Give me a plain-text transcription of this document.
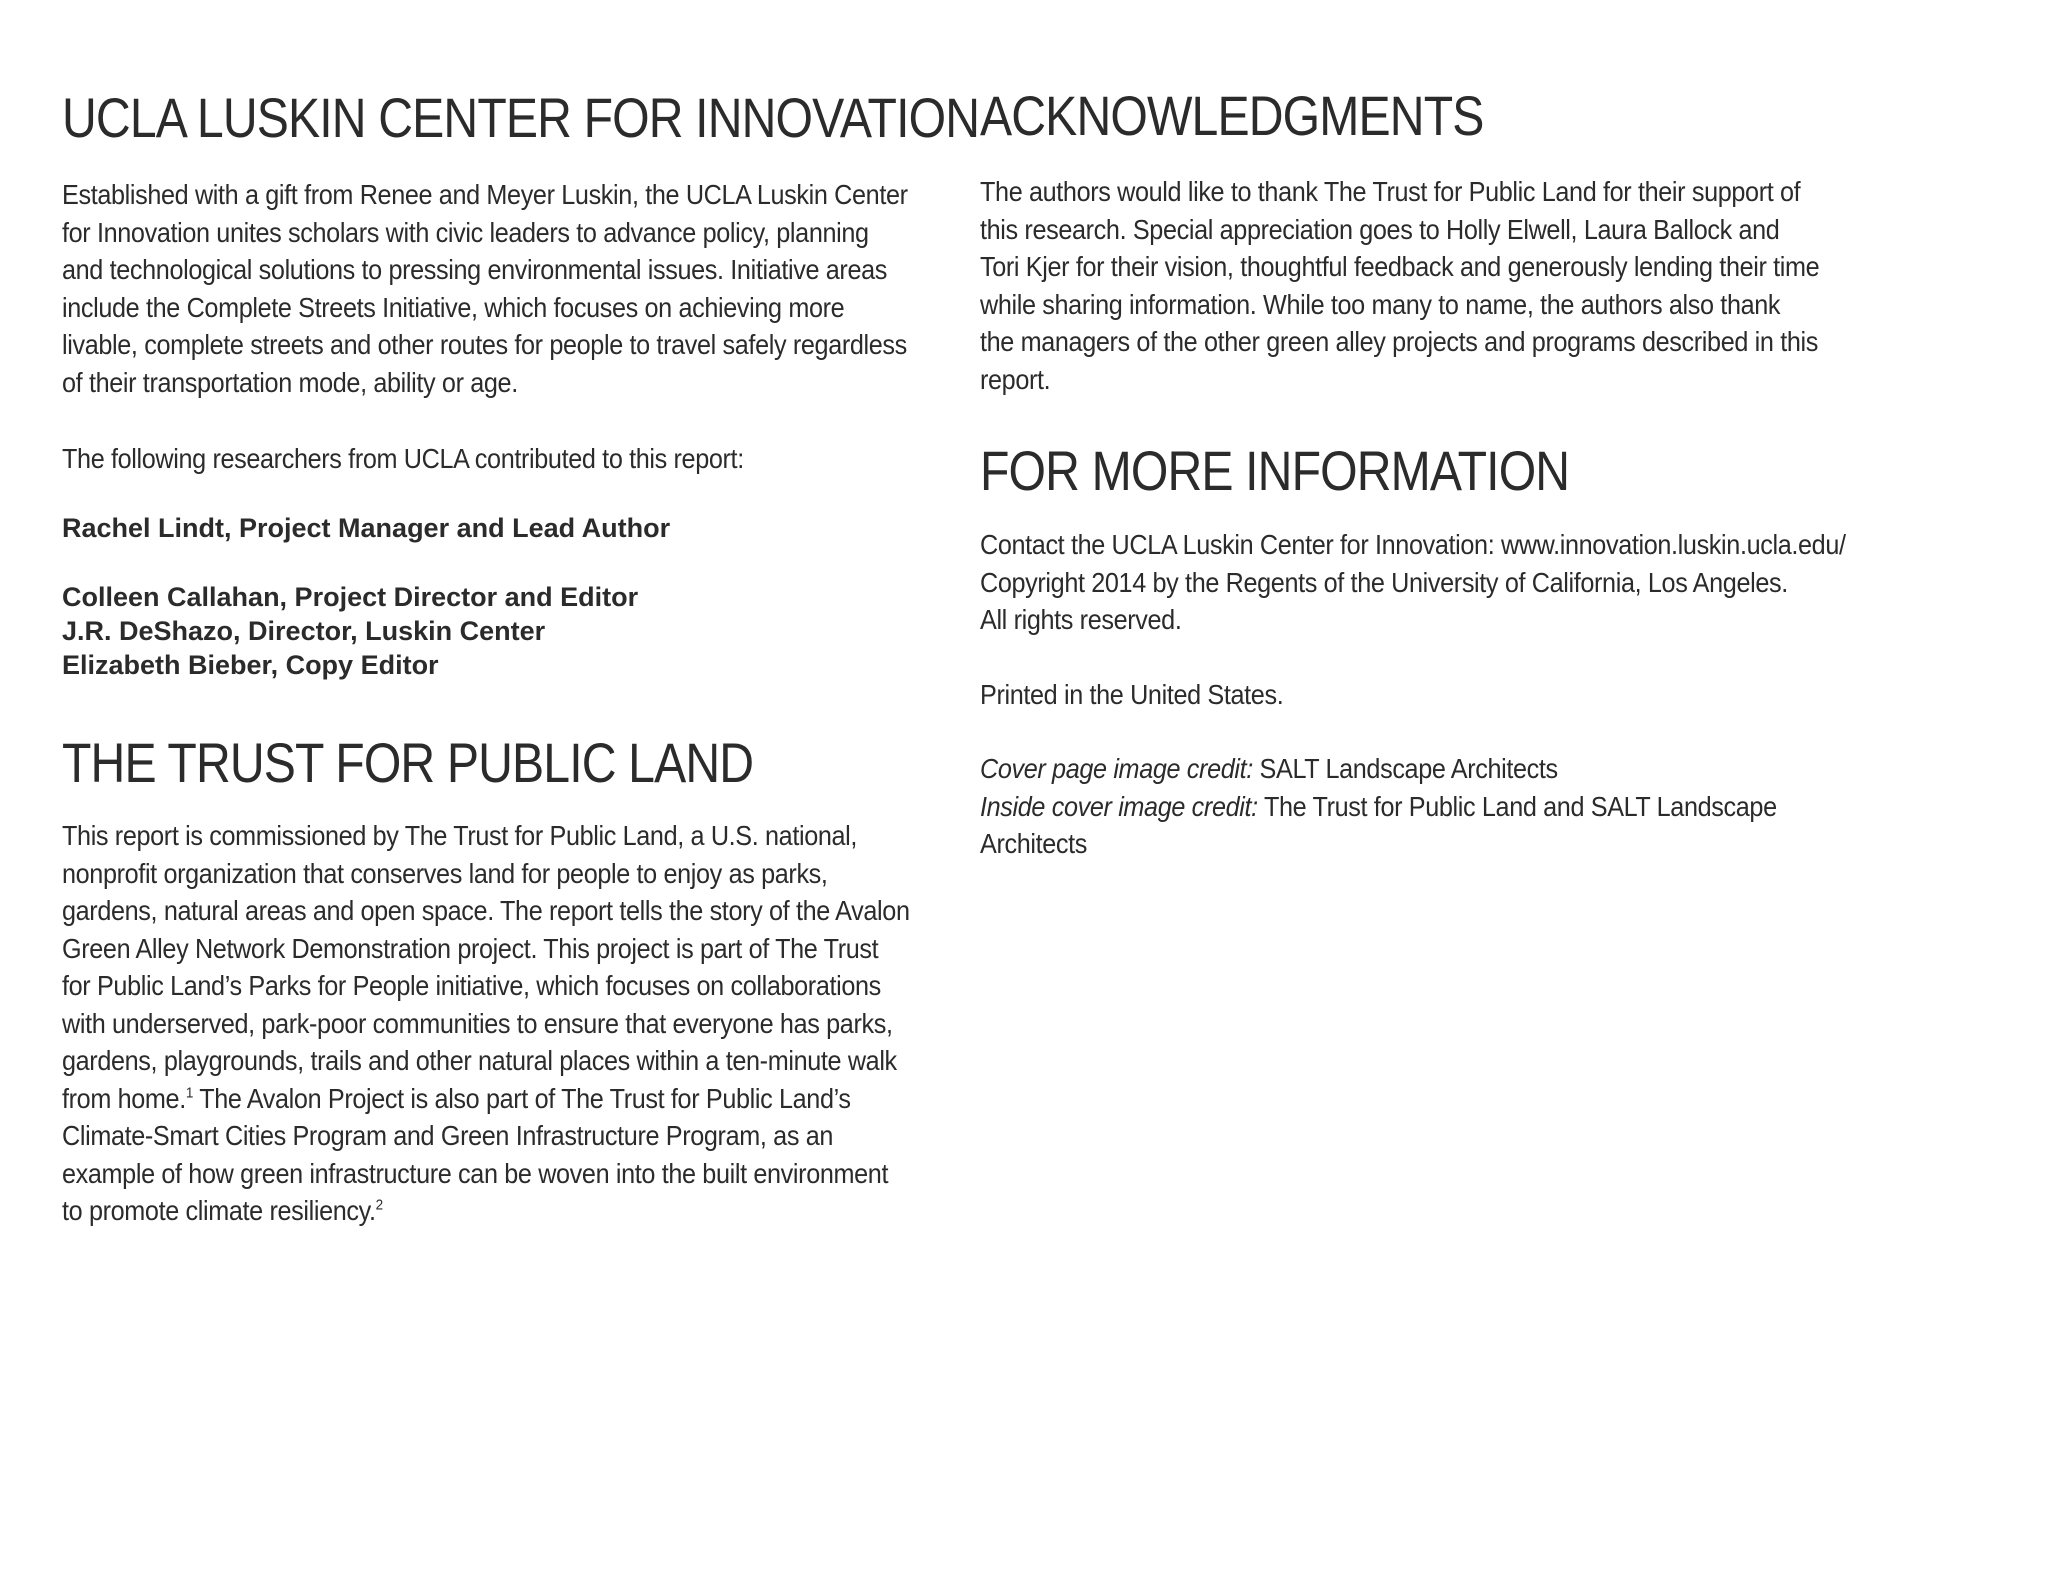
UCLA LUSKIN CENTER FOR INNOVATION
Established with a gift from Renee and Meyer Luskin, the UCLA Luskin Center
for Innovation unites scholars with civic leaders to advance policy, planning
and technological solutions to pressing environmental issues. Initiative areas
include the Complete Streets Initiative, which focuses on achieving more
livable, complete streets and other routes for people to travel safely regardless
of their transportation mode, ability or age.
The following researchers from UCLA contributed to this report:
Rachel Lindt, Project Manager and Lead Author
Colleen Callahan, Project Director and Editor
J.R. DeShazo, Director, Luskin Center
Elizabeth Bieber, Copy Editor
THE TRUST FOR PUBLIC LAND
This report is commissioned by The Trust for Public Land, a U.S. national,
nonprofit organization that conserves land for people to enjoy as parks,
gardens, natural areas and open space. The report tells the story of the Avalon
Green Alley Network Demonstration project. This project is part of The Trust
for Public Land’s Parks for People initiative, which focuses on collaborations
with underserved, park-poor communities to ensure that everyone has parks,
gardens, playgrounds, trails and other natural places within a ten-minute walk
from home.$^1$ The Avalon Project is also part of The Trust for Public Land’s
Climate-Smart Cities Program and Green Infrastructure Program, as an
example of how green infrastructure can be woven into the built environment
to promote climate resiliency.$^2$
ACKNOWLEDGMENTS
The authors would like to thank The Trust for Public Land for their support of
this research. Special appreciation goes to Holly Elwell, Laura Ballock and
Tori Kjer for their vision, thoughtful feedback and generously lending their time
while sharing information. While too many to name, the authors also thank
the managers of the other green alley projects and programs described in this
report.
FOR MORE INFORMATION
Contact the UCLA Luskin Center for Innovation: www.innovation.luskin.ucla.edu/
Copyright 2014 by the Regents of the University of California, Los Angeles.
All rights reserved.
Printed in the United States.
Cover page image credit: SALT Landscape Architects
Inside cover image credit: The Trust for Public Land and SALT Landscape
Architects
